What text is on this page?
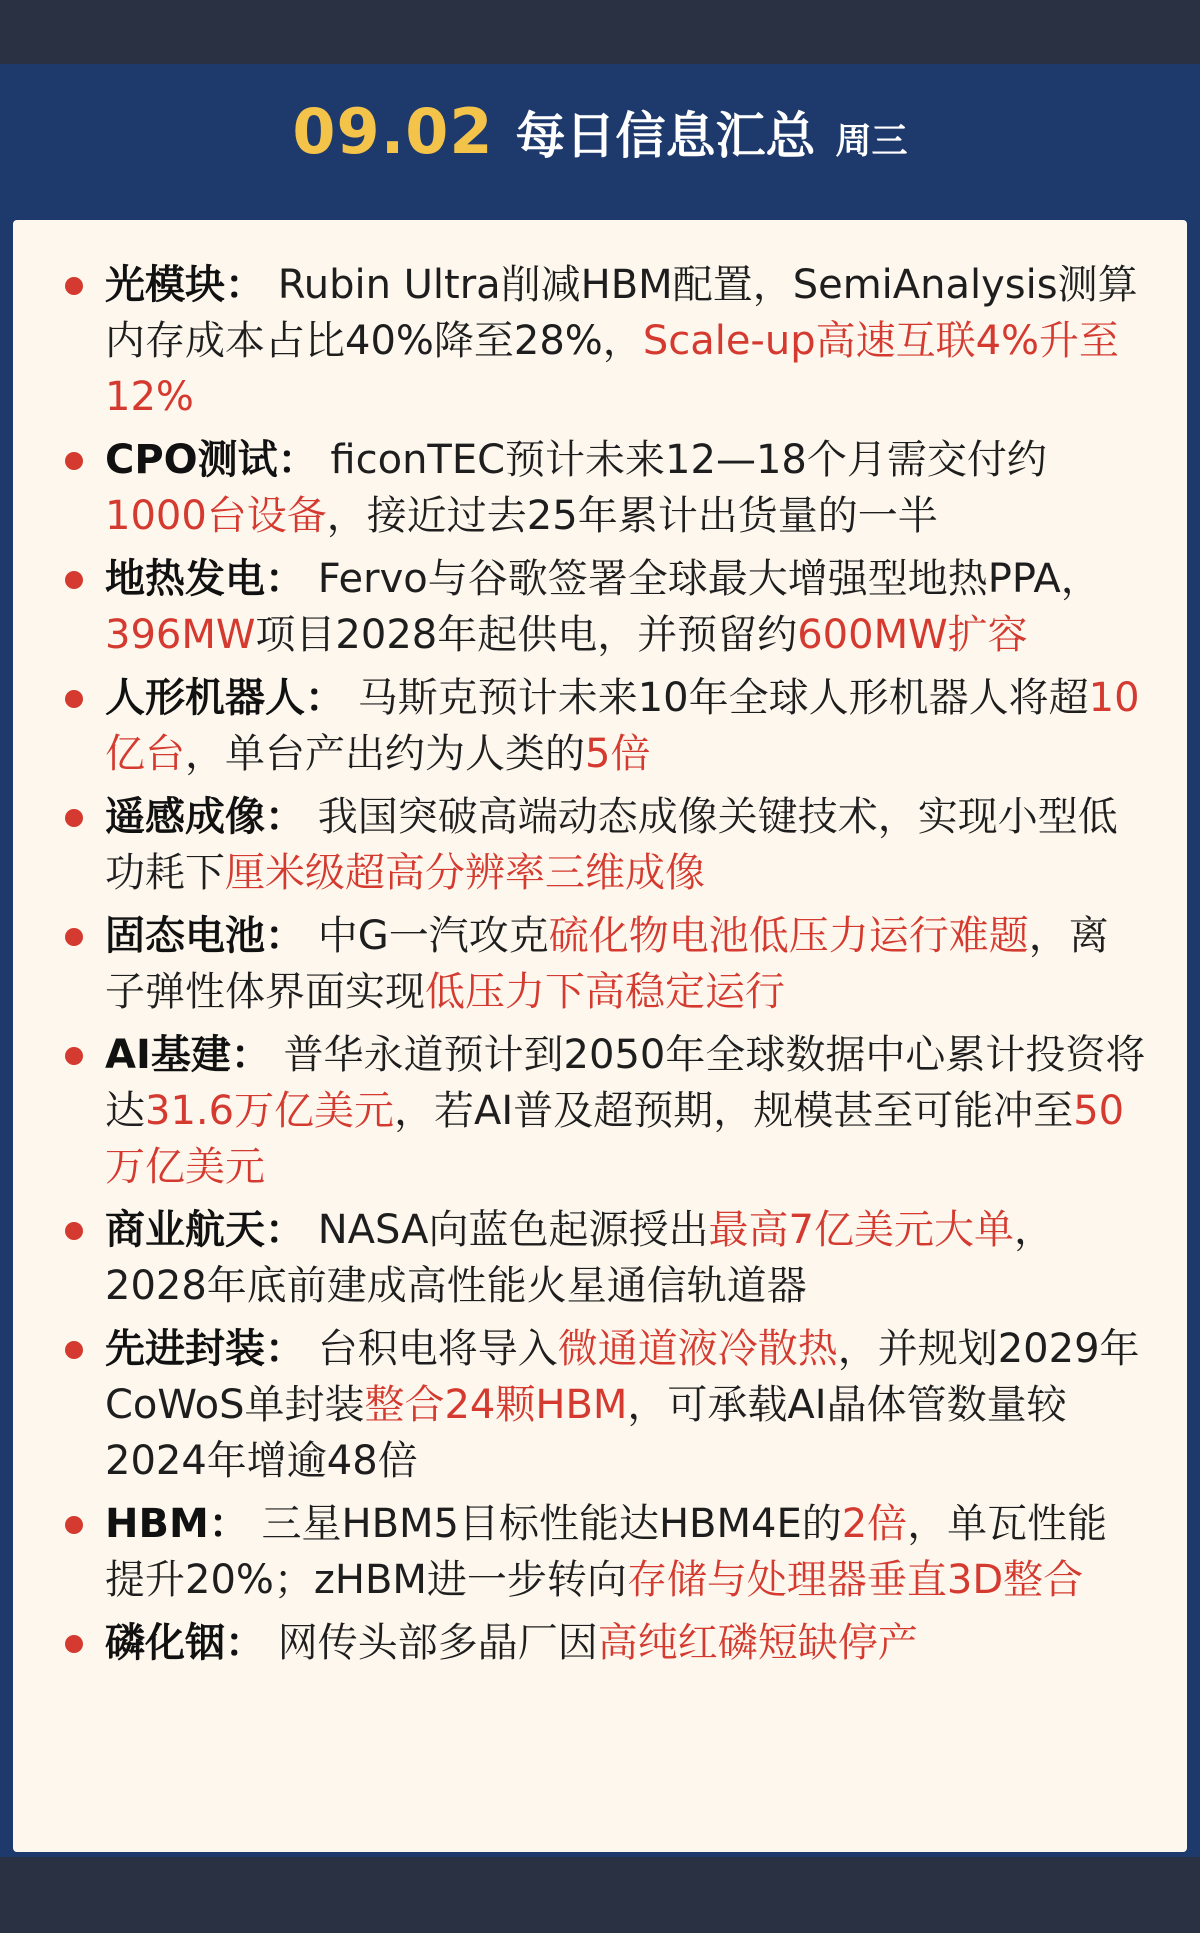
09.02 每日信息汇总 周三
光模块： Rubin Ultra削减HBM配置，SemiAnalysis测算内存成本占比40%降至28%，Scale-up高速互联4%升至12%
CPO测试： ficonTEC预计未来12—18个月需交付约1000台设备，接近过去25年累计出货量的一半
地热发电： Fervo与谷歌签署全球最大增强型地热PPA，396MW项目2028年起供电，并预留约600MW扩容
人形机器人： 马斯克预计未来10年全球人形机器人将超10亿台，单台产出约为人类的5倍
遥感成像： 我国突破高端动态成像关键技术，实现小型低功耗下厘米级超高分辨率三维成像
固态电池： 中G一汽攻克硫化物电池低压力运行难题，离子弹性体界面实现低压力下高稳定运行
AI基建： 普华永道预计到2050年全球数据中心累计投资将达31.6万亿美元，若AI普及超预期，规模甚至可能冲至50万亿美元
商业航天： NASA向蓝色起源授出最高7亿美元大单，2028年底前建成高性能火星通信轨道器
先进封装： 台积电将导入微通道液冷散热，并规划2029年CoWoS单封装整合24颗HBM，可承载AI晶体管数量较2024年增逾48倍
HBM： 三星HBM5目标性能达HBM4E的2倍，单瓦性能提升20%；zHBM进一步转向存储与处理器垂直3D整合
磷化铟： 网传头部多晶厂因高纯红磷短缺停产
